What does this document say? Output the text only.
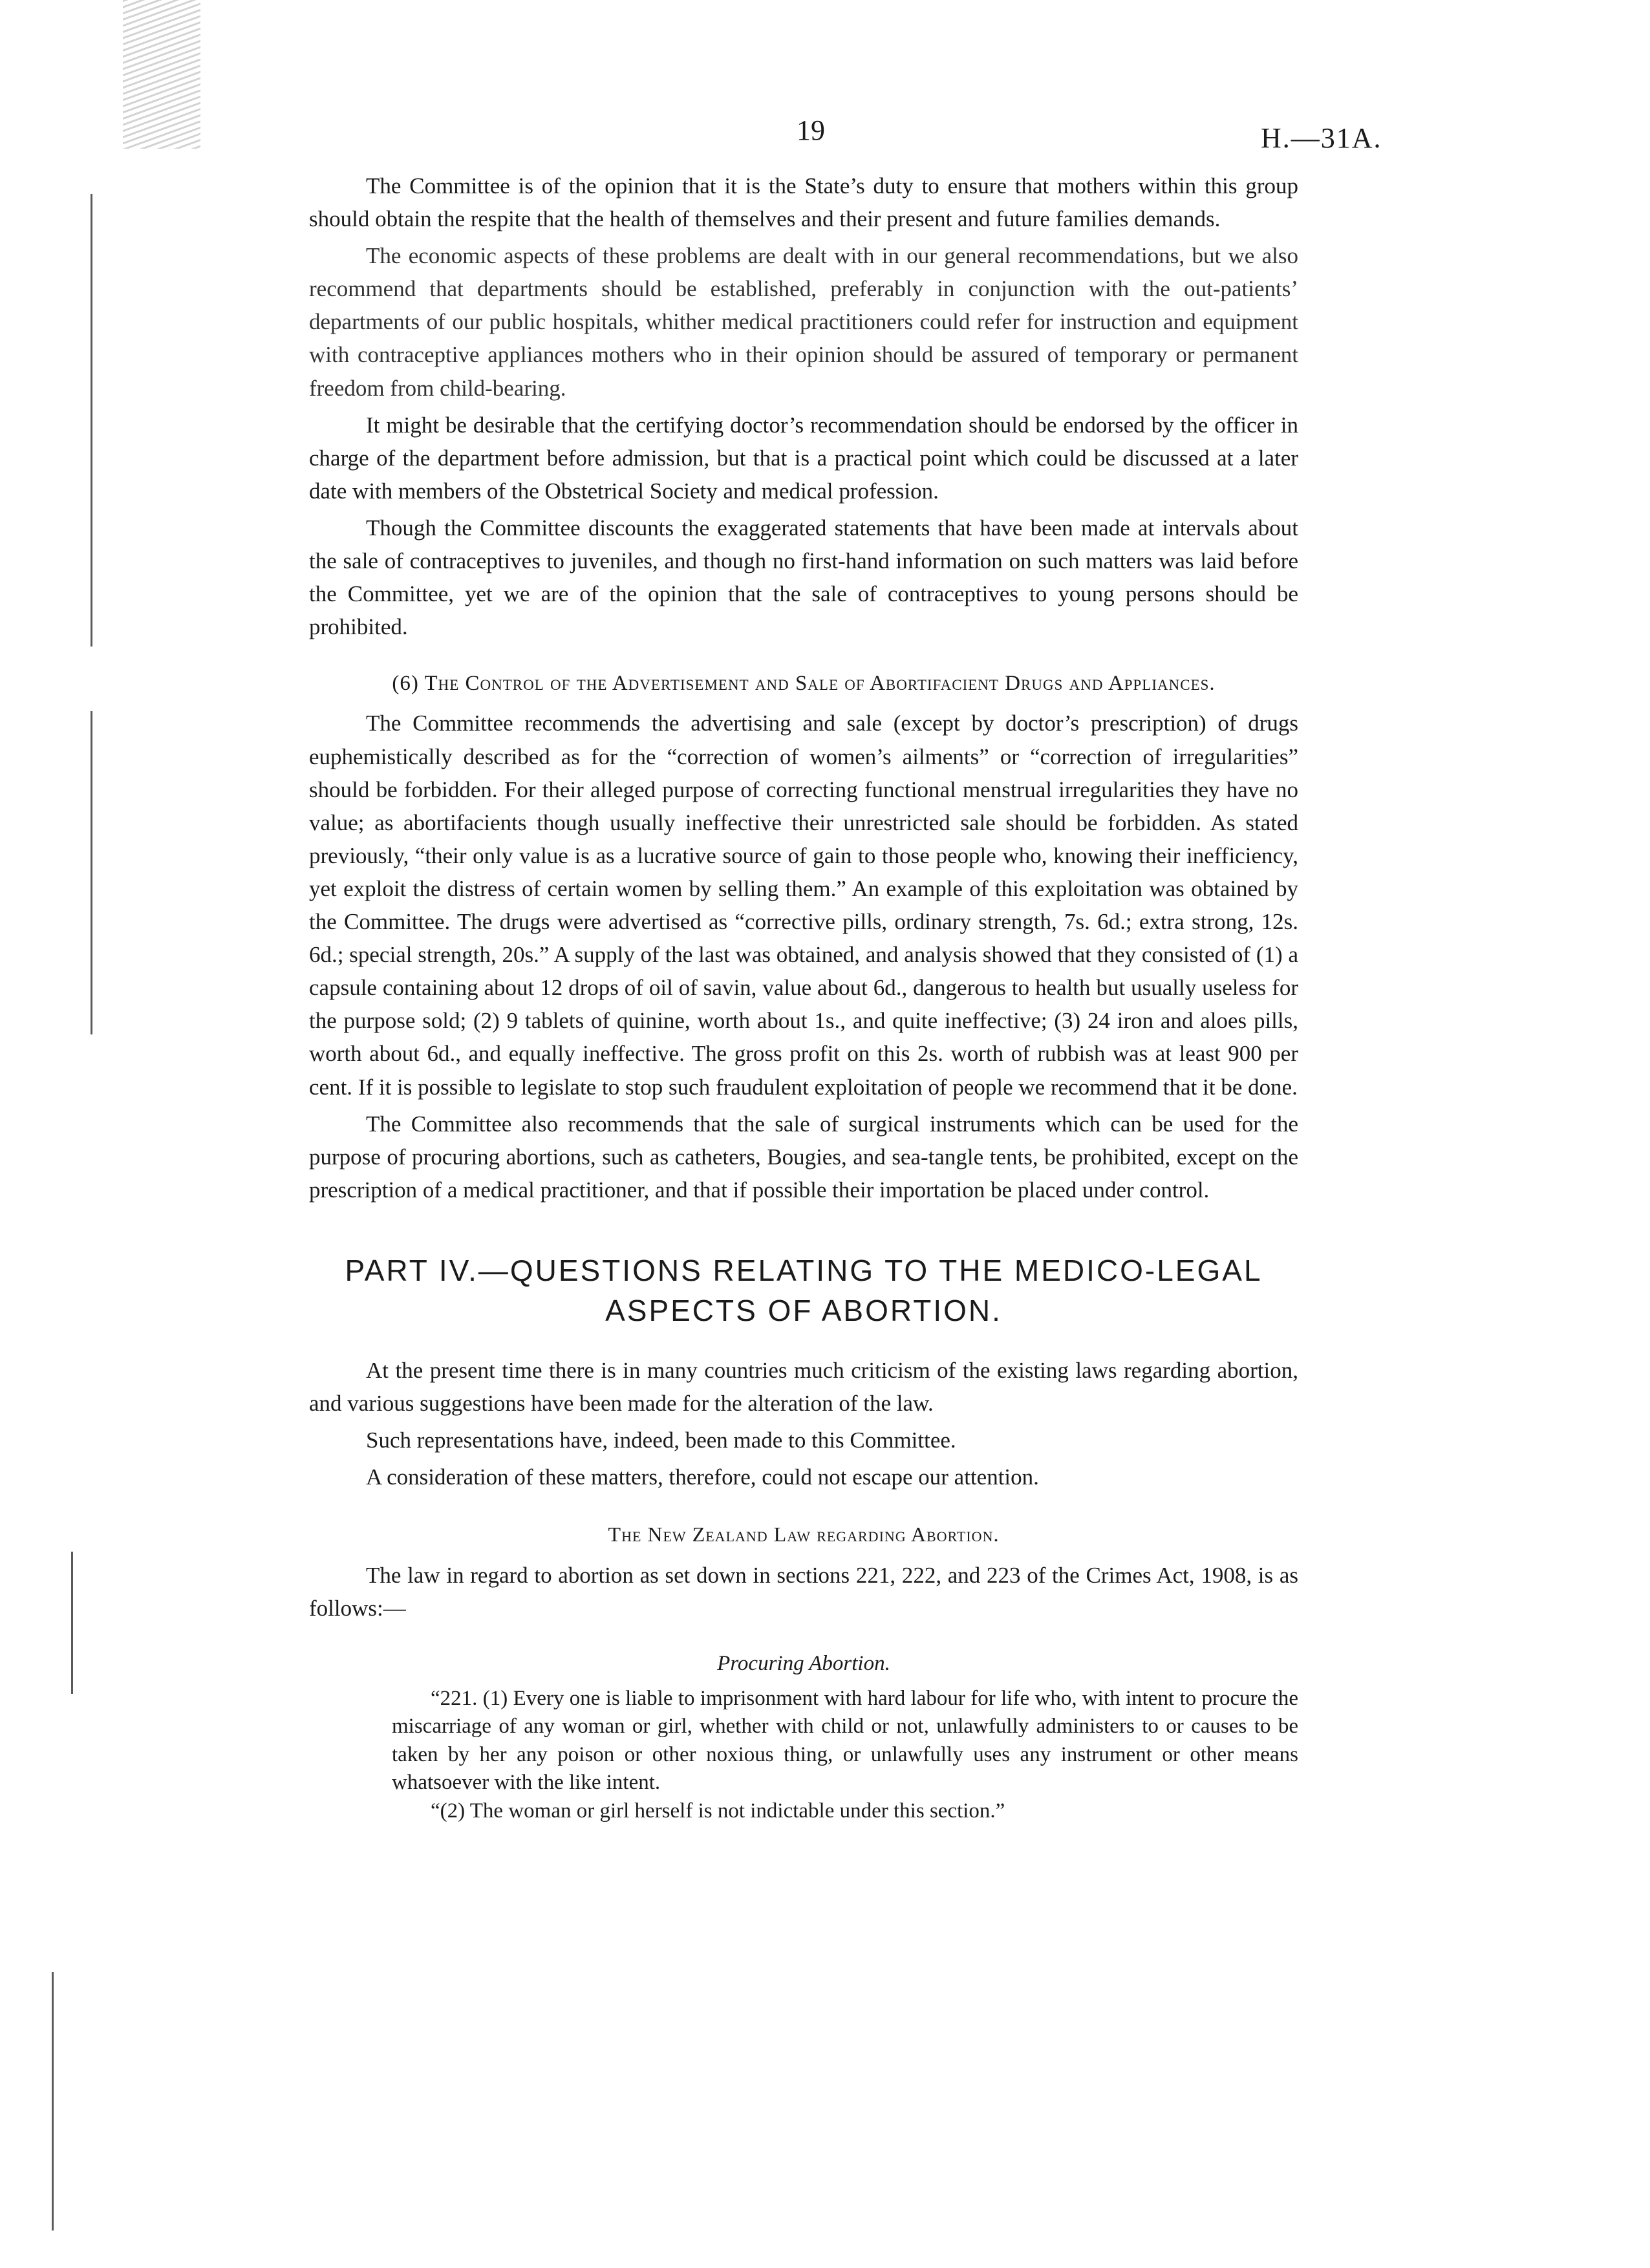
19	H.—31A.

The Committee is of the opinion that it is the State’s duty to ensure that mothers within this group should obtain the respite that the health of themselves and their present and future families demands.

The economic aspects of these problems are dealt with in our general recommendations, but we also recommend that departments should be established, preferably in conjunction with the out-patients’ departments of our public hospitals, whither medical practitioners could refer for instruction and equipment with contraceptive appliances mothers who in their opinion should be assured of temporary or permanent freedom from child-bearing.

It might be desirable that the certifying doctor’s recommendation should be endorsed by the officer in charge of the department before admission, but that is a practical point which could be discussed at a later date with members of the Obstetrical Society and medical profession.

Though the Committee discounts the exaggerated statements that have been made at intervals about the sale of contraceptives to juveniles, and though no first-hand information on such matters was laid before the Committee, yet we are of the opinion that the sale of contraceptives to young persons should be prohibited.

(6) The Control of the Advertisement and Sale of Abortifacient Drugs and Appliances.

The Committee recommends the advertising and sale (except by doctor’s prescription) of drugs euphemistically described as for the “correction of women’s ailments” or “correction of irregularities” should be forbidden. For their alleged purpose of correcting functional menstrual irregularities they have no value; as abortifacients though usually ineffective their unrestricted sale should be forbidden. As stated previously, “their only value is as a lucrative source of gain to those people who, knowing their inefficiency, yet exploit the distress of certain women by selling them.” An example of this exploitation was obtained by the Committee. The drugs were advertised as “corrective pills, ordinary strength, 7s. 6d.; extra strong, 12s. 6d.; special strength, 20s.” A supply of the last was obtained, and analysis showed that they consisted of (1) a capsule containing about 12 drops of oil of savin, value about 6d., dangerous to health but usually useless for the purpose sold; (2) 9 tablets of quinine, worth about 1s., and quite ineffective; (3) 24 iron and aloes pills, worth about 6d., and equally ineffective. The gross profit on this 2s. worth of rubbish was at least 900 per cent. If it is possible to legislate to stop such fraudulent exploitation of people we recommend that it be done.

The Committee also recommends that the sale of surgical instruments which can be used for the purpose of procuring abortions, such as catheters, Bougies, and sea-tangle tents, be prohibited, except on the prescription of a medical practitioner, and that if possible their importation be placed under control.

PART IV.—QUESTIONS RELATING TO THE MEDICO-LEGAL
ASPECTS OF ABORTION.

At the present time there is in many countries much criticism of the existing laws regarding abortion, and various suggestions have been made for the alteration of the law.

Such representations have, indeed, been made to this Committee.

A consideration of these matters, therefore, could not escape our attention.

The New Zealand Law regarding Abortion.

The law in regard to abortion as set down in sections 221, 222, and 223 of the Crimes Act, 1908, is as follows:—

Procuring Abortion.

“221. (1) Every one is liable to imprisonment with hard labour for life who, with intent to procure the miscarriage of any woman or girl, whether with child or not, unlawfully administers to or causes to be taken by her any poison or other noxious thing, or unlawfully uses any instrument or other means whatsoever with the like intent.

“(2) The woman or girl herself is not indictable under this section.”
